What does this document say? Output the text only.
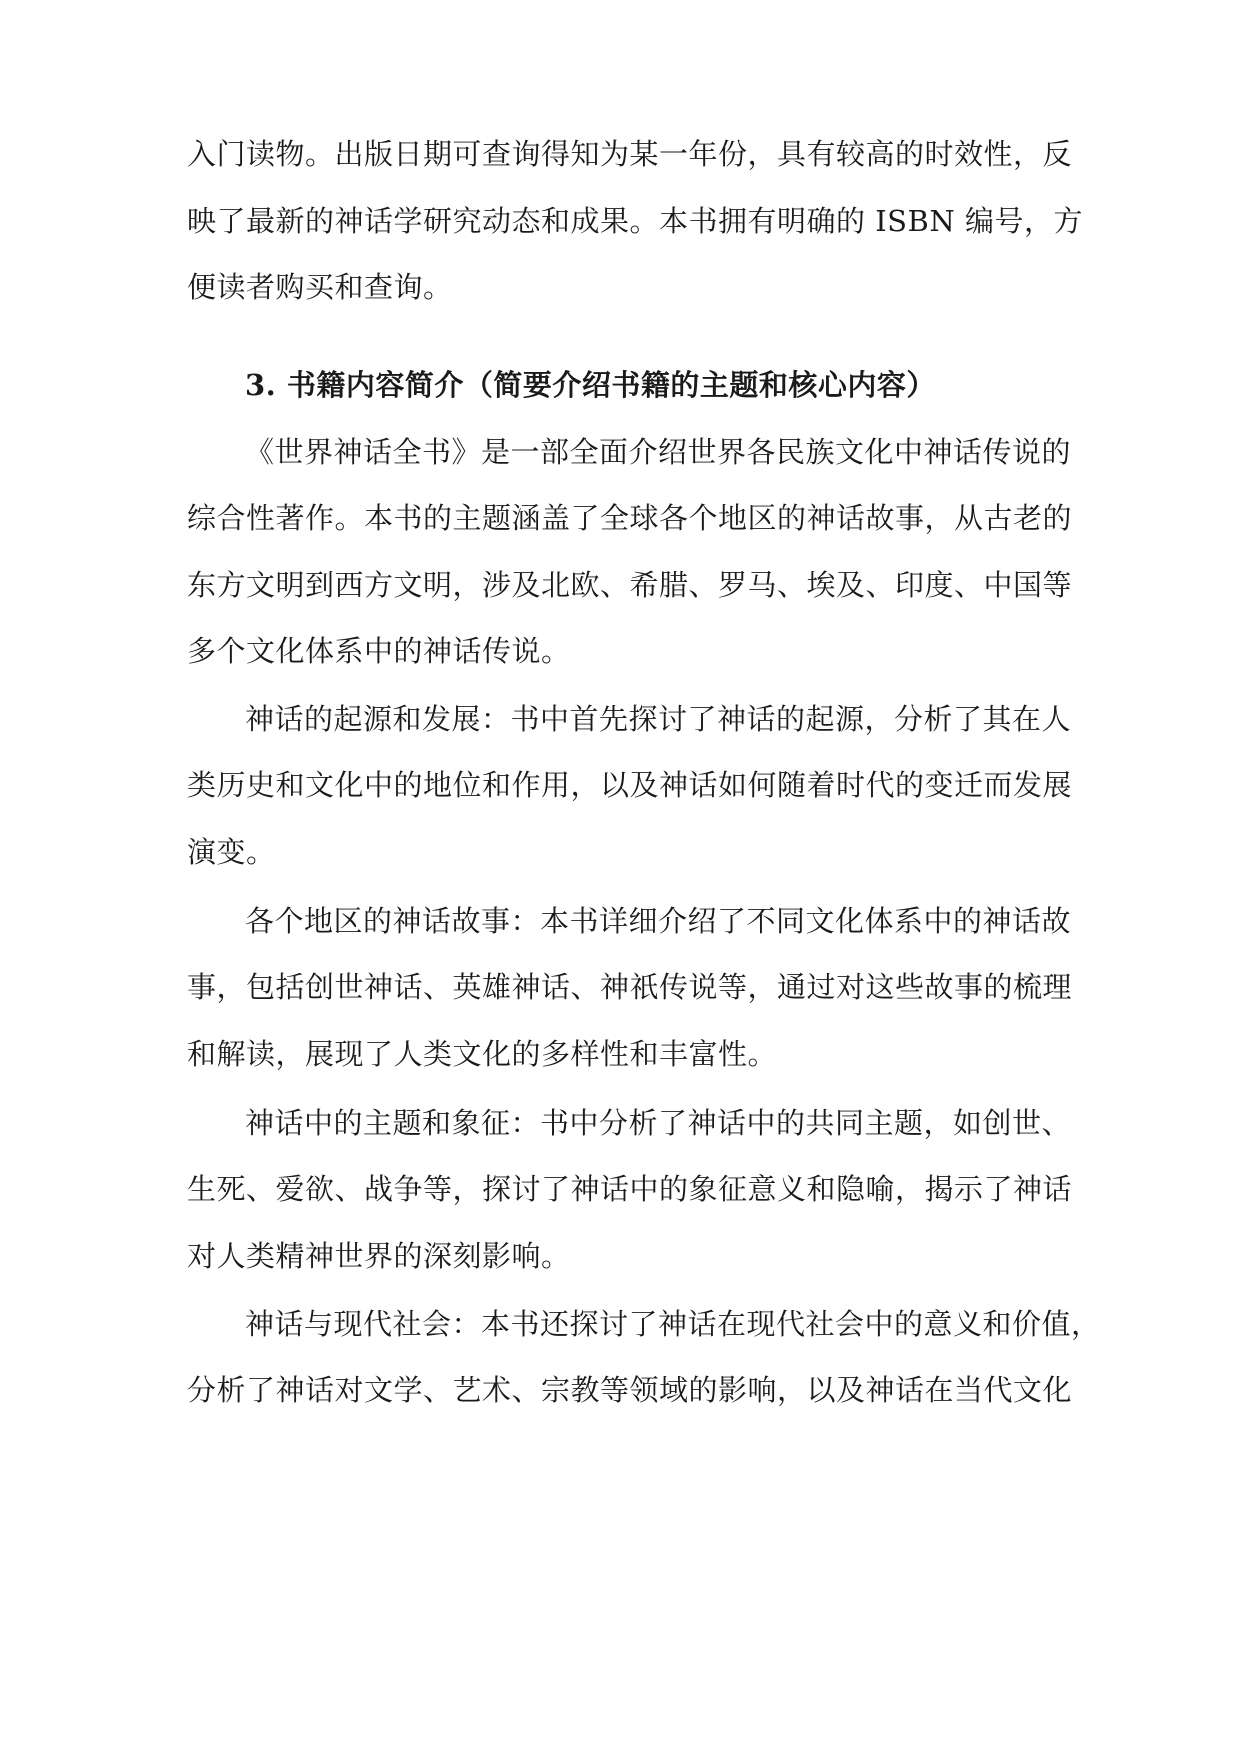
入门读物。出版日期可查询得知为某一年份，具有较高的时效性，反
映了最新的神话学研究动态和成果。本书拥有明确的 ISBN 编号，方
便读者购买和查询。
3. 书籍内容简介（简要介绍书籍的主题和核心内容）
《世界神话全书》是一部全面介绍世界各民族文化中神话传说的
综合性著作。本书的主题涵盖了全球各个地区的神话故事，从古老的
东方文明到西方文明，涉及北欧、希腊、罗马、埃及、印度、中国等
多个文化体系中的神话传说。
神话的起源和发展：书中首先探讨了神话的起源，分析了其在人
类历史和文化中的地位和作用，以及神话如何随着时代的变迁而发展
演变。
各个地区的神话故事：本书详细介绍了不同文化体系中的神话故
事，包括创世神话、英雄神话、神祇传说等，通过对这些故事的梳理
和解读，展现了人类文化的多样性和丰富性。
神话中的主题和象征：书中分析了神话中的共同主题，如创世、
生死、爱欲、战争等，探讨了神话中的象征意义和隐喻，揭示了神话
对人类精神世界的深刻影响。
神话与现代社会：本书还探讨了神话在现代社会中的意义和价值，
分析了神话对文学、艺术、宗教等领域的影响，以及神话在当代文化
